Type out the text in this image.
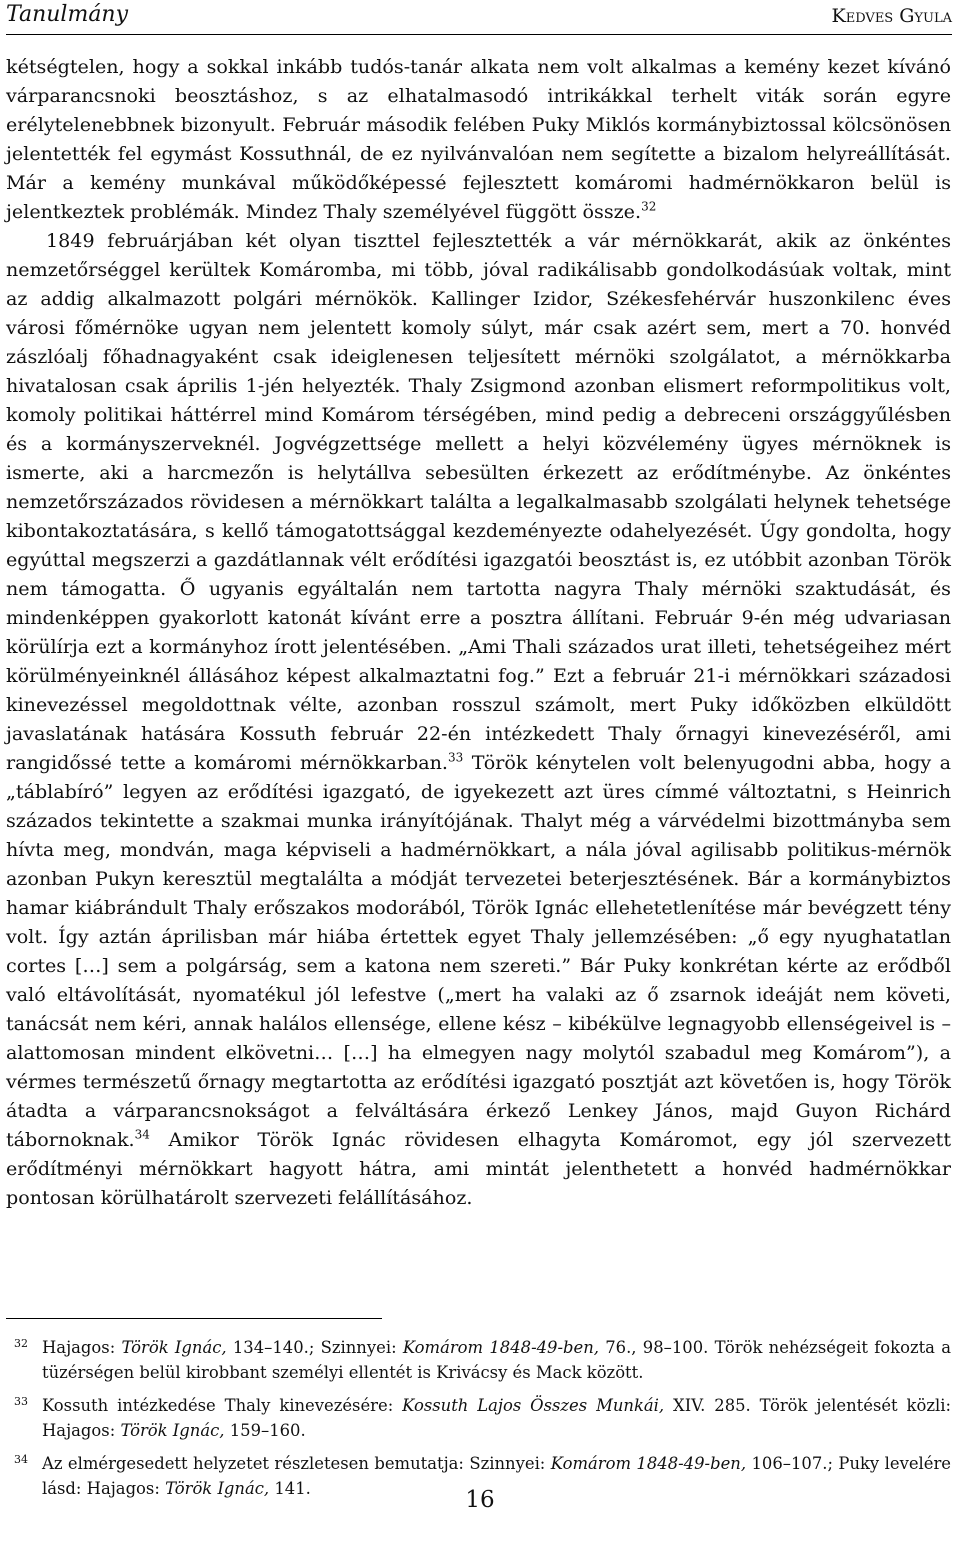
Tanulmány	Kedves Gyula

kétségtelen, hogy a sokkal inkább tudós-tanár alkata nem volt alkalmas a kemény kezet kívánó várparancsnoki beosztáshoz, s az elhatalmasodó intrikákkal terhelt viták során egyre erélytelenebbnek bizonyult. Február második felében Puky Miklós kormánybiztossal kölcsönösen jelentették fel egymást Kossuthnál, de ez nyilvánvalóan nem segítette a bizalom helyreállítását. Már a kemény munkával működőképessé fejlesztett komáromi hadmérnökkaron belül is jelentkeztek problémák. Mindez Thaly személyével függött össze.$^{32}$

1849 februárjában két olyan tiszttel fejlesztették a vár mérnökkarát, akik az önkéntes nemzetőrséggel kerültek Komáromba, mi több, jóval radikálisabb gondolkodásúak voltak, mint az addig alkalmazott polgári mérnökök. Kallinger Izidor, Székesfehérvár huszonkilenc éves városi főmérnöke ugyan nem jelentett komoly súlyt, már csak azért sem, mert a 70. honvéd zászlóalj főhadnagyaként csak ideiglenesen teljesített mérnöki szolgálatot, a mérnökkarba hivatalosan csak április 1-jén helyezték. Thaly Zsigmond azonban elismert reformpolitikus volt, komoly politikai háttérrel mind Komárom térségében, mind pedig a debreceni országgyűlésben és a kormányszerveknél. Jogvégzettsége mellett a helyi közvélemény ügyes mérnöknek is ismerte, aki a harcmezőn is helytállva sebesülten érkezett az erődítménybe. Az önkéntes nemzetőrszázados rövidesen a mérnökkart találta a legalkalmasabb szolgálati helynek tehetsége kibontakoztatására, s kellő támogatottsággal kezdeményezte odahelyezését. Úgy gondolta, hogy egyúttal megszerzi a gazdátlannak vélt erődítési igazgatói beosztást is, ez utóbbit azonban Török nem támogatta. Ő ugyanis egyáltalán nem tartotta nagyra Thaly mérnöki szaktudását, és mindenképpen gyakorlott katonát kívánt erre a posztra állítani. Február 9-én még udvariasan körülírja ezt a kormányhoz írott jelentésében. „Ami Thali százados urat illeti, tehetségeihez mért körülményeinknél állásához képest alkalmaztatni fog.” Ezt a február 21-i mérnökkari századosi kinevezéssel megoldottnak vélte, azonban rosszul számolt, mert Puky időközben elküldött javaslatának hatására Kossuth február 22-én intézkedett Thaly őrnagyi kinevezéséről, ami rangidőssé tette a komáromi mérnökkarban.$^{33}$ Török kénytelen volt belenyugodni abba, hogy a „táblabíró” legyen az erődítési igazgató, de igyekezett azt üres címmé változtatni, s Heinrich százados tekintette a szakmai munka irányítójának. Thalyt még a várvédelmi bizottmányba sem hívta meg, mondván, maga képviseli a hadmérnökkart, a nála jóval agilisabb politikus-mérnök azonban Pukyn keresztül megtalálta a módját tervezetei beterjesztésének. Bár a kormánybiztos hamar kiábrándult Thaly erőszakos modorából, Török Ignác ellehetetlenítése már bevégzett tény volt. Így aztán áprilisban már hiába értettek egyet Thaly jellemzésében: „ő egy nyughatatlan cortes […] sem a polgárság, sem a katona nem szereti.” Bár Puky konkrétan kérte az erődből való eltávolítását, nyomatékul jól lefestve („mert ha valaki az ő zsarnok ideáját nem követi, tanácsát nem kéri, annak halálos ellensége, ellene kész – kibékülve legnagyobb ellenségeivel is – alattomosan mindent elkövetni… […] ha elmegyen nagy molytól szabadul meg Komárom”), a vérmes természetű őrnagy megtartotta az erődítési igazgató posztját azt követően is, hogy Török átadta a várparancsnokságot a felváltására érkező Lenkey János, majd Guyon Richárd tábornoknak.$^{34}$ Amikor Török Ignác rövidesen elhagyta Komáromot, egy jól szervezett erődítményi mérnökkart hagyott hátra, ami mintát jelenthetett a honvéd hadmérnökkar pontosan körülhatárolt szervezeti felállításához.

32 Hajagos: Török Ignác, 134–140.; Szinnyei: Komárom 1848-49-ben, 76., 98–100. Török nehézségeit fokozta a tüzérségen belül kirobbant személyi ellentét is Krivácsy és Mack között.
33 Kossuth intézkedése Thaly kinevezésére: Kossuth Lajos Összes Munkái, XIV. 285. Török jelentését közli: Hajagos: Török Ignác, 159–160.
34 Az elmérgesedett helyzetet részletesen bemutatja: Szinnyei: Komárom 1848-49-ben, 106–107.; Puky levelére lásd: Hajagos: Török Ignác, 141.	16
